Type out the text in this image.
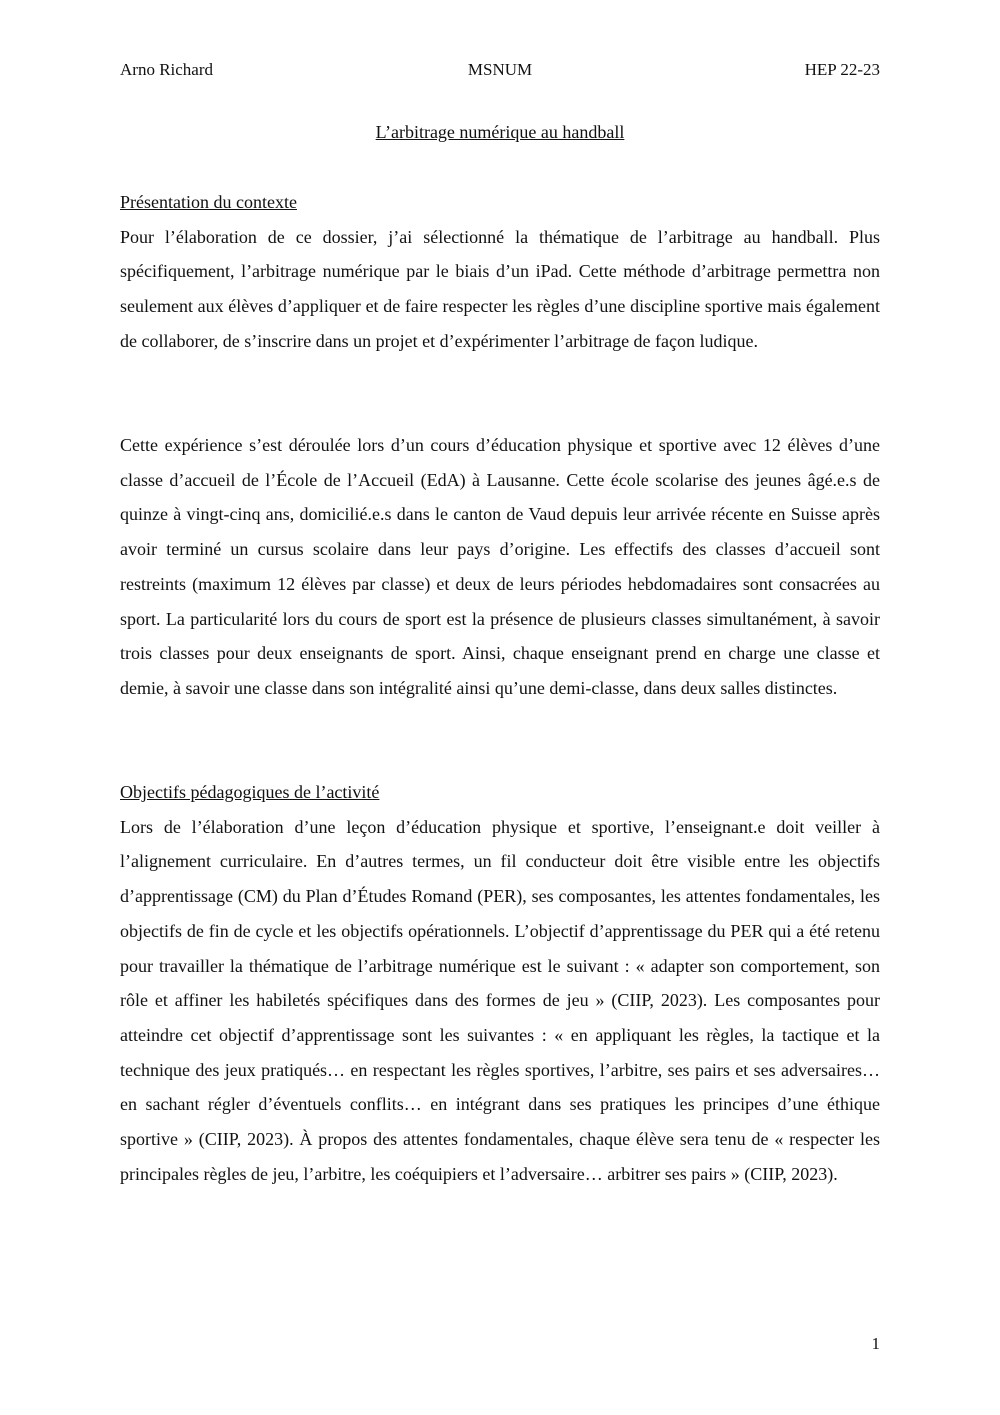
Arno Richard	MSNUM	HEP 22-23
L’arbitrage numérique au handball
Présentation du contexte

Pour l’élaboration de ce dossier, j’ai sélectionné la thématique de l’arbitrage au handball. Plus spécifiquement, l’arbitrage numérique par le biais d’un iPad. Cette méthode d’arbitrage permettra non seulement aux élèves d’appliquer et de faire respecter les règles d’une discipline sportive mais également de collaborer, de s’inscrire dans un projet et d’expérimenter l’arbitrage de façon ludique.

Cette expérience s’est déroulée lors d’un cours d’éducation physique et sportive avec 12 élèves d’une classe d’accueil de l’École de l’Accueil (EdA) à Lausanne. Cette école scolarise des jeunes âgé.e.s de quinze à vingt-cinq ans, domicilié.e.s dans le canton de Vaud depuis leur arrivée récente en Suisse après avoir terminé un cursus scolaire dans leur pays d’origine. Les effectifs des classes d’accueil sont restreints (maximum 12 élèves par classe) et deux de leurs périodes hebdomadaires sont consacrées au sport. La particularité lors du cours de sport est la présence de plusieurs classes simultanément, à savoir trois classes pour deux enseignants de sport. Ainsi, chaque enseignant prend en charge une classe et demie, à savoir une classe dans son intégralité ainsi qu’une demi-classe, dans deux salles distinctes.

Objectifs pédagogiques de l’activité

Lors de l’élaboration d’une leçon d’éducation physique et sportive, l’enseignant.e doit veiller à l’alignement curriculaire. En d’autres termes, un fil conducteur doit être visible entre les objectifs d’apprentissage (CM) du Plan d’Études Romand (PER), ses composantes, les attentes fondamentales, les objectifs de fin de cycle et les objectifs opérationnels. L’objectif d’apprentissage du PER qui a été retenu pour travailler la thématique de l’arbitrage numérique est le suivant : « adapter son comportement, son rôle et affiner les habiletés spécifiques dans des formes de jeu » (CIIP, 2023). Les composantes pour atteindre cet objectif d’apprentissage sont les suivantes : « en appliquant les règles, la tactique et la technique des jeux pratiqués… en respectant les règles sportives, l’arbitre, ses pairs et ses adversaires… en sachant régler d’éventuels conflits… en intégrant dans ses pratiques les principes d’une éthique sportive » (CIIP, 2023). À propos des attentes fondamentales, chaque élève sera tenu de « respecter les principales règles de jeu, l’arbitre, les coéquipiers et l’adversaire… arbitrer ses pairs » (CIIP, 2023).

1
